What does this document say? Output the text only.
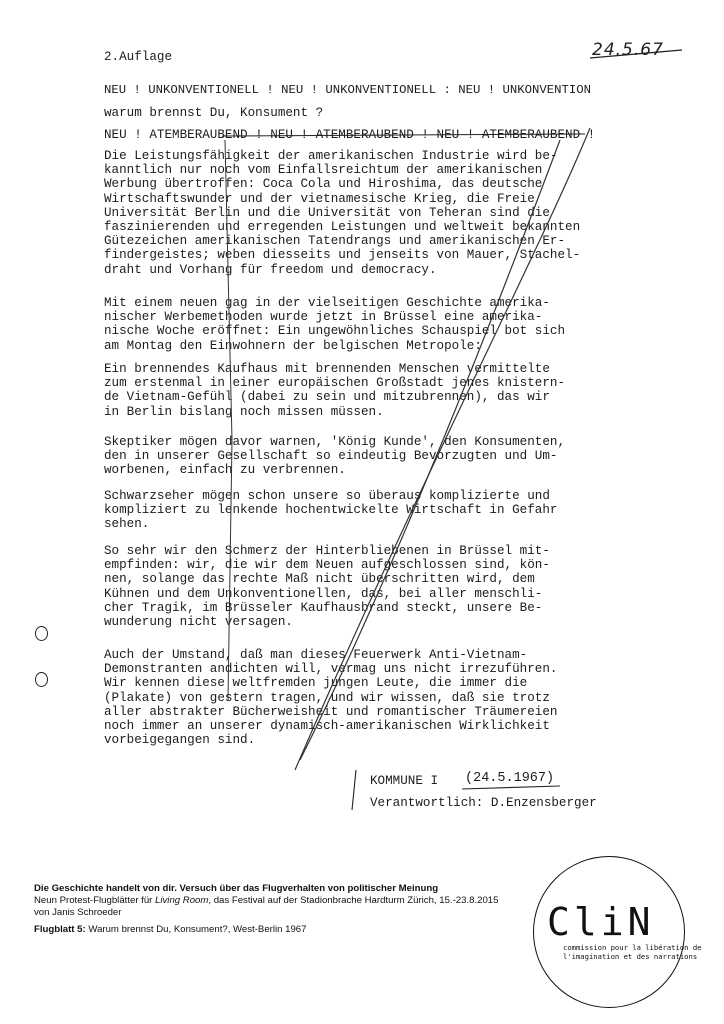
2.Auflage	24.5.67
NEU ! UNKONVENTIONELL ! NEU ! UNKONVENTIONELL : NEU ! UNKONVENTION
warum brennst Du, Konsument ?
NEU ! ATEMBERAUBEND ! NEU ! ATEMBERAUBEND ! NEU ! ATEMBERAUBEND !
Die Leistungsfähigkeit der amerikanischen Industrie wird be-
kanntlich nur noch vom Einfallsreichtum der amerikanischen
Werbung übertroffen: Coca Cola und Hiroshima, das deutsche
Wirtschaftswunder und der vietnamesische Krieg, die Freie
Universität Berlin und die Universität von Teheran sind die
faszinierenden und erregenden Leistungen und weltweit bekannten
Gütezeichen amerikanischen Tatendrangs und amerikanischen Er-
findergeistes; weben diesseits und jenseits von Mauer, Stachel-
draht und Vorhang für freedom und democracy.
Mit einem neuen gag in der vielseitigen Geschichte amerika-
nischer Werbemethoden wurde jetzt in Brüssel eine amerika-
nische Woche eröffnet: Ein ungewöhnliches Schauspiel bot sich
am Montag den Einwohnern der belgischen Metropole:
Ein brennendes Kaufhaus mit brennenden Menschen vermittelte
zum erstenmal in einer europäischen Großstadt jenes knistern-
de Vietnam-Gefühl (dabei zu sein und mitzubrennen), das wir
in Berlin bislang noch missen müssen.
Skeptiker mögen davor warnen, 'König Kunde', den Konsumenten,
den in unserer Gesellschaft so eindeutig Bevorzugten und Um-
worbenen, einfach zu verbrennen.
Schwarzseher mögen schon unsere so überaus komplizierte und
kompliziert zu lenkende hochentwickelte Wirtschaft in Gefahr
sehen.
So sehr wir den Schmerz der Hinterbliebenen in Brüssel mit-
empfinden: wir, die wir dem Neuen aufgeschlossen sind, kön-
nen, solange das rechte Maß nicht überschritten wird, dem
Kühnen und dem Unkonventionellen, das, bei aller menschli-
cher Tragik, im Brüsseler Kaufhausbrand steckt, unsere Be-
wunderung nicht versagen.
Auch der Umstand, daß man dieses Feuerwerk Anti-Vietnam-
Demonstranten andichten will, vermag uns nicht irrezuführen.
Wir kennen diese weltfremden jungen Leute, die immer die
(Plakate) von gestern tragen, und wir wissen, daß sie trotz
aller abstrakter Bücherweisheit und romantischer Träumereien
noch immer an unserer dynamisch-amerikanischen Wirklichkeit
vorbeigegangen sind.
KOMMUNE I (24.5.1967)
Verantwortlich: D.Enzensberger
Die Geschichte handelt von dir. Versuch über das Flugverhalten von politischer Meinung
Neun Protest-Flugblätter für Living Room, das Festival auf der Stadionbrache Hardturm Zürich, 15.-23.8.2015
von Janis Schroeder
Flugblatt 5: Warum brennst Du, Konsument?, West-Berlin 1967	CliN
commission pour la libération de
l'imagination et des narrations
